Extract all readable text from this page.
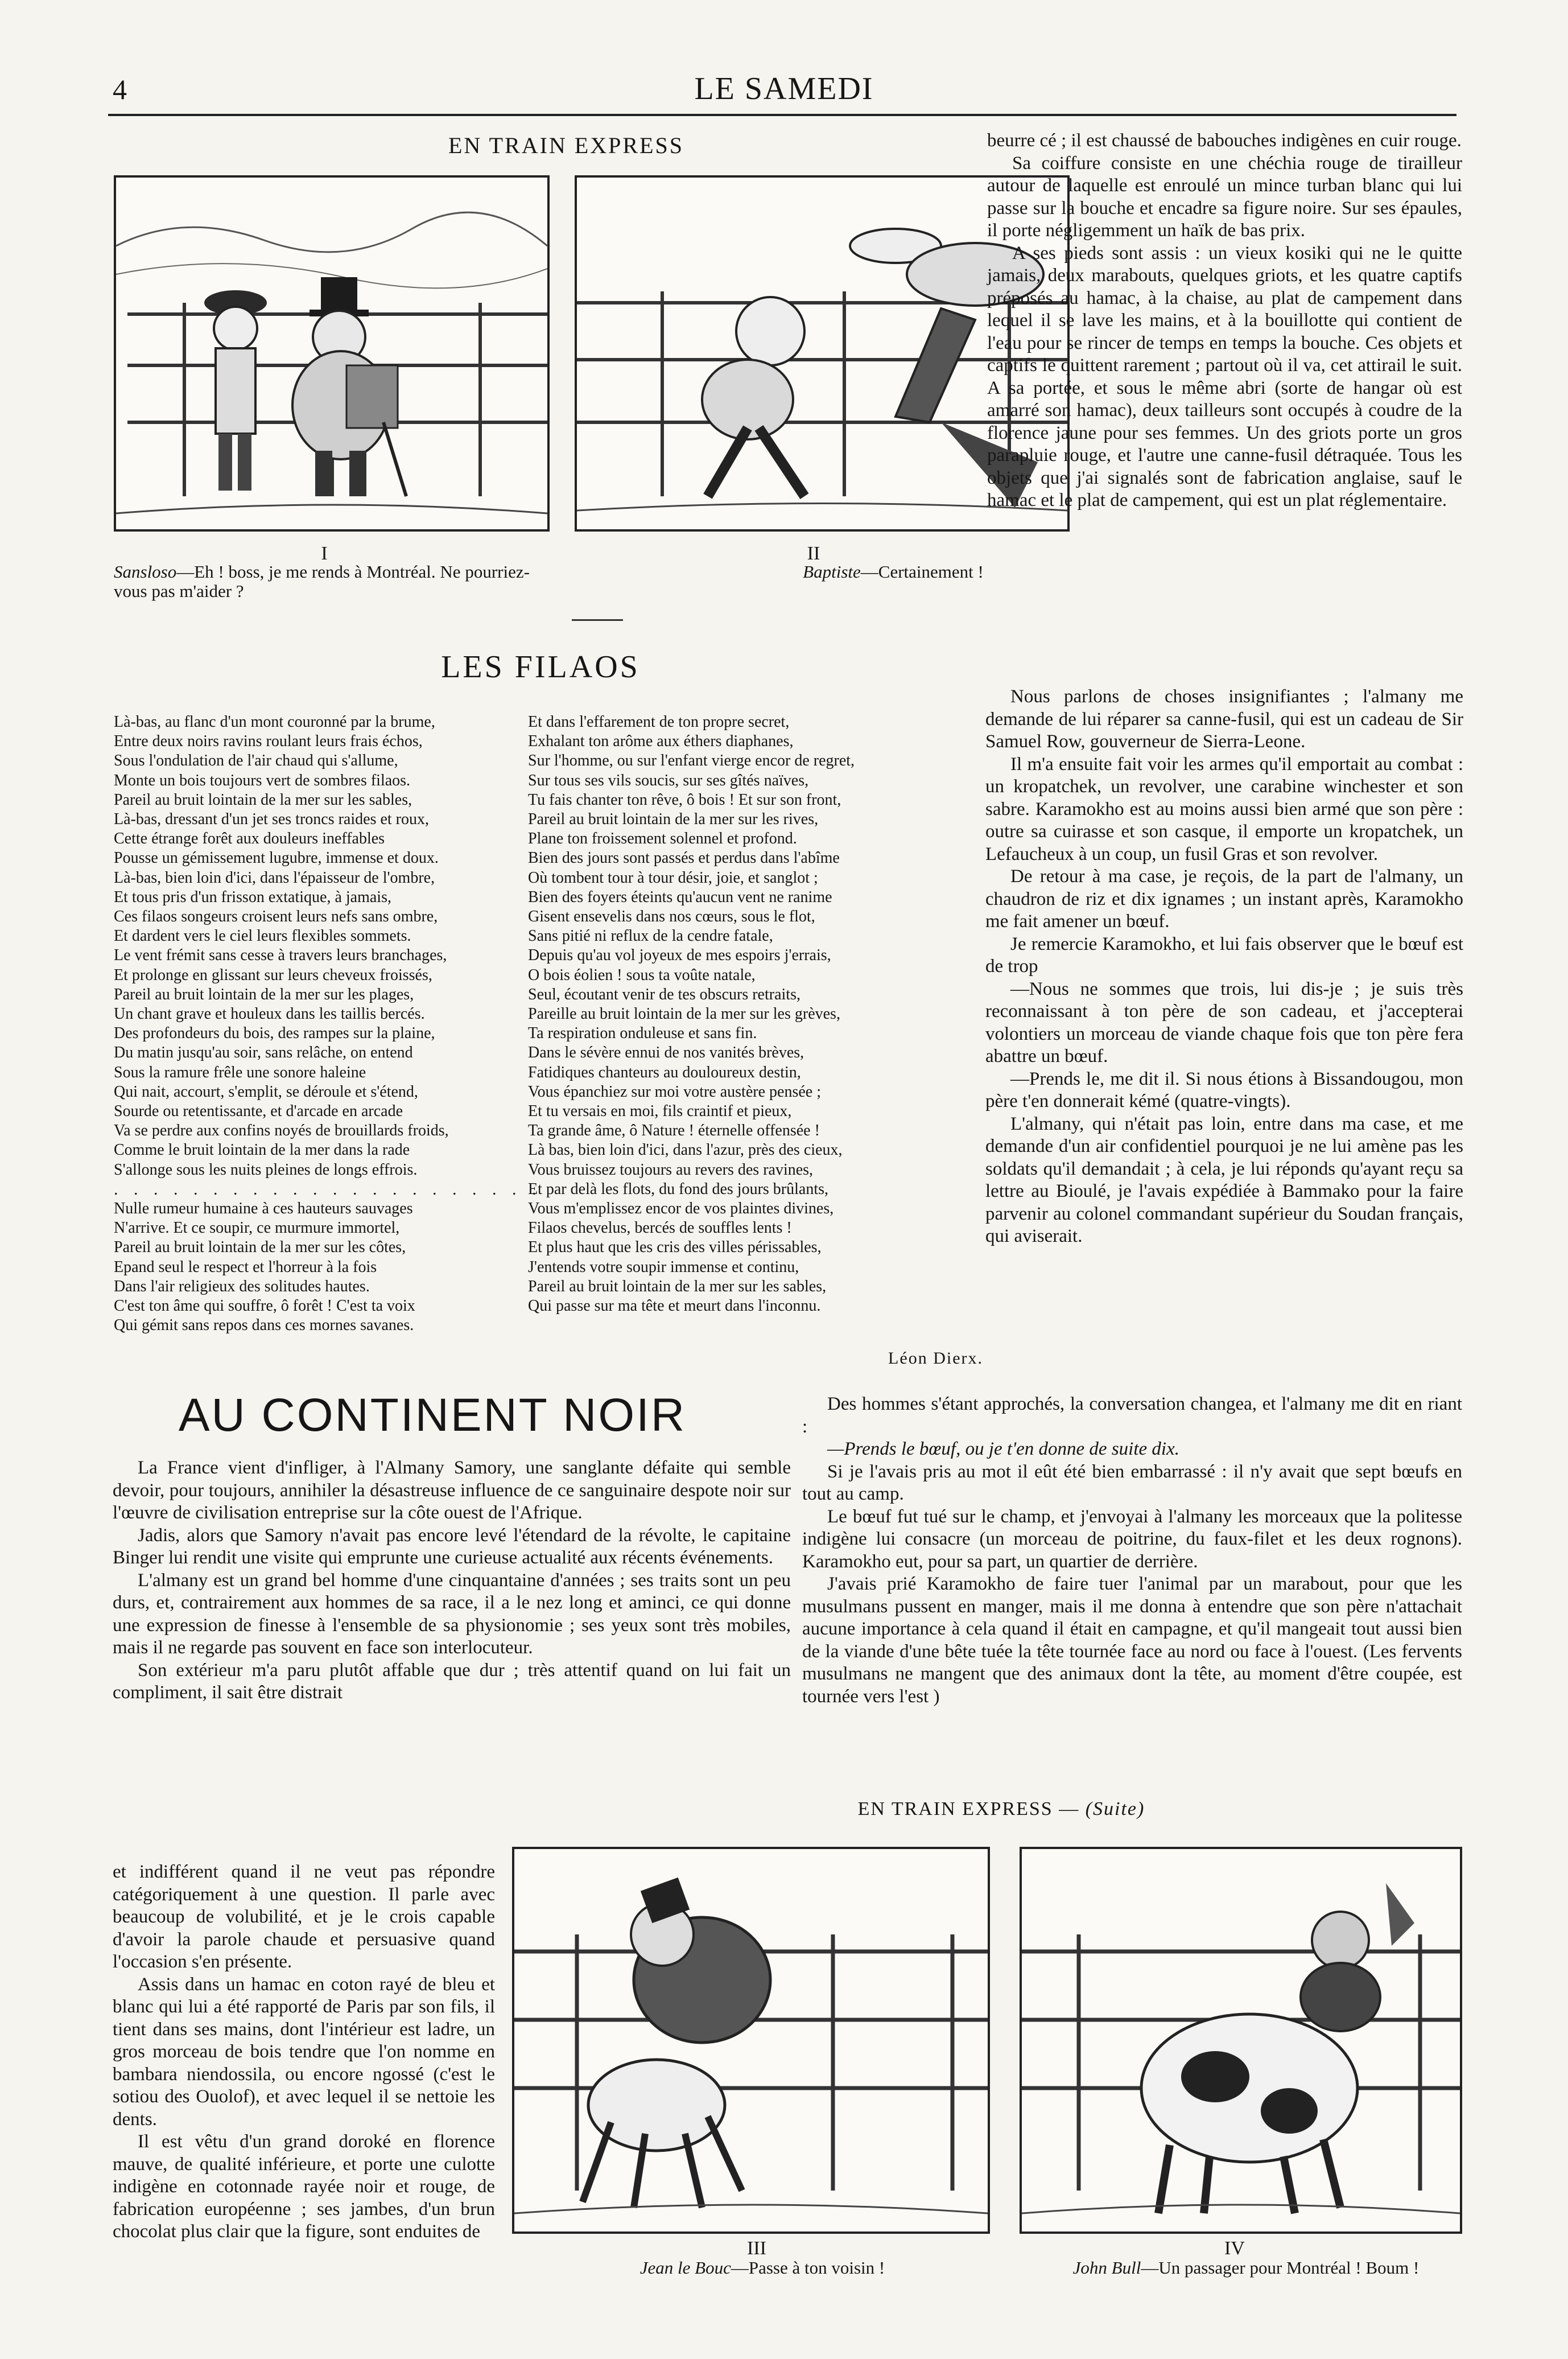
4	LE SAMEDI
EN TRAIN EXPRESS
I
Sansloso—Eh ! boss, je me rends à Montréal. Ne pourriez-vous pas m'aider ?
II
Baptiste—Certainement !
LES FILAOS
Là-bas, au flanc d'un mont couronné par la brume,
Entre deux noirs ravins roulant leurs frais échos,
Sous l'ondulation de l'air chaud qui s'allume,
Monte un bois toujours vert de sombres filaos.
Pareil au bruit lointain de la mer sur les sables,
Là-bas, dressant d'un jet ses troncs raides et roux,
Cette étrange forêt aux douleurs ineffables
Pousse un gémissement lugubre, immense et doux.
Là-bas, bien loin d'ici, dans l'épaisseur de l'ombre,
Et tous pris d'un frisson extatique, à jamais,
Ces filaos songeurs croisent leurs nefs sans ombre,
Et dardent vers le ciel leurs flexibles sommets.
Le vent frémit sans cesse à travers leurs branchages,
Et prolonge en glissant sur leurs cheveux froissés,
Pareil au bruit lointain de la mer sur les plages,
Un chant grave et houleux dans les taillis bercés.
Des profondeurs du bois, des rampes sur la plaine,
Du matin jusqu'au soir, sans relâche, on entend
Sous la ramure frêle une sonore haleine
Qui nait, accourt, s'emplit, se déroule et s'étend,
Sourde ou retentissante, et d'arcade en arcade
Va se perdre aux confins noyés de brouillards froids,
Comme le bruit lointain de la mer dans la rade
S'allonge sous les nuits pleines de longs effrois.
. . . . . . . . . . . . . . . . . . . . . .
Nulle rumeur humaine à ces hauteurs sauvages
N'arrive. Et ce soupir, ce murmure immortel,
Pareil au bruit lointain de la mer sur les côtes,
Epand seul le respect et l'horreur à la fois
Dans l'air religieux des solitudes hautes.
C'est ton âme qui souffre, ô forêt ! C'est ta voix
Qui gémit sans repos dans ces mornes savanes.
Et dans l'effarement de ton propre secret,
Exhalant ton arôme aux éthers diaphanes,
Sur l'homme, ou sur l'enfant vierge encor de regret,
Sur tous ses vils soucis, sur ses gîtés naïves,
Tu fais chanter ton rêve, ô bois ! Et sur son front,
Pareil au bruit lointain de la mer sur les rives,
Plane ton froissement solennel et profond.
Bien des jours sont passés et perdus dans l'abîme
Où tombent tour à tour désir, joie, et sanglot ;
Bien des foyers éteints qu'aucun vent ne ranime
Gisent ensevelis dans nos cœurs, sous le flot,
Sans pitié ni reflux de la cendre fatale,
Depuis qu'au vol joyeux de mes espoirs j'errais,
O bois éolien ! sous ta voûte natale,
Seul, écoutant venir de tes obscurs retraits,
Pareille au bruit lointain de la mer sur les grèves,
Ta respiration onduleuse et sans fin.
Dans le sévère ennui de nos vanités brèves,
Fatidiques chanteurs au douloureux destin,
Vous épanchiez sur moi votre austère pensée ;
Et tu versais en moi, fils craintif et pieux,
Ta grande âme, ô Nature ! éternelle offensée !
Là bas, bien loin d'ici, dans l'azur, près des cieux,
Vous bruissez toujours au revers des ravines,
Et par delà les flots, du fond des jours brûlants,
Vous m'emplissez encor de vos plaintes divines,
Filaos chevelus, bercés de souffles lents !
Et plus haut que les cris des villes périssables,
J'entends votre soupir immense et continu,
Pareil au bruit lointain de la mer sur les sables,
Qui passe sur ma tête et meurt dans l'inconnu.
Léon Dierx.

beurre cé ; il est chaussé de babouches indigènes en cuir rouge.

Sa coiffure consiste en une chéchia rouge de tirailleur autour de laquelle est enroulé un mince turban blanc qui lui passe sur la bouche et encadre sa figure noire. Sur ses épaules, il porte négligemment un haïk de bas prix.

A ses pieds sont assis : un vieux kosiki qui ne le quitte jamais, deux marabouts, quelques griots, et les quatre captifs préposés au hamac, à la chaise, au plat de campement dans lequel il se lave les mains, et à la bouillotte qui contient de l'eau pour se rincer de temps en temps la bouche. Ces objets et captifs le quittent rarement ; partout où il va, cet attirail le suit. A sa portée, et sous le même abri (sorte de hangar où est amarré son hamac), deux tailleurs sont occupés à coudre de la florence jaune pour ses femmes. Un des griots porte un gros parapluie rouge, et l'autre une canne-fusil détraquée. Tous les objets que j'ai signalés sont de fabrication anglaise, sauf le hamac et le plat de campement, qui est un plat réglementaire.

Nous parlons de choses insignifiantes ; l'almany me demande de lui réparer sa canne-fusil, qui est un cadeau de Sir Samuel Row, gouverneur de Sierra-Leone.

Il m'a ensuite fait voir les armes qu'il emportait au combat : un kropatchek, un revolver, une carabine winchester et son sabre. Karamokho est au moins aussi bien armé que son père : outre sa cuirasse et son casque, il emporte un kropatchek, un Lefaucheux à un coup, un fusil Gras et son revolver.

De retour à ma case, je reçois, de la part de l'almany, un chaudron de riz et dix ignames ; un instant après, Karamokho me fait amener un bœuf.

Je remercie Karamokho, et lui fais observer que le bœuf est de trop

—Nous ne sommes que trois, lui dis-je ; je suis très reconnaissant à ton père de son cadeau, et j'accepterai volontiers un morceau de viande chaque fois que ton père fera abattre un bœuf.

—Prends le, me dit il. Si nous étions à Bissandougou, mon père t'en donnerait kémé (quatre-vingts).

L'almany, qui n'était pas loin, entre dans ma case, et me demande d'un air confidentiel pourquoi je ne lui amène pas les soldats qu'il demandait ; à cela, je lui réponds qu'ayant reçu sa lettre au Bioulé, je l'avais expédiée à Bammako pour la faire parvenir au colonel commandant supérieur du Soudan français, qui aviserait.

AU CONTINENT NOIR

La France vient d'infliger, à l'Almany Samory, une sanglante défaite qui semble devoir, pour toujours, annihiler la désastreuse influence de ce sanguinaire despote noir sur l'œuvre de civilisation entreprise sur la côte ouest de l'Afrique.

Jadis, alors que Samory n'avait pas encore levé l'étendard de la révolte, le capitaine Binger lui rendit une visite qui emprunte une curieuse actualité aux récents événements.

L'almany est un grand bel homme d'une cinquantaine d'années ; ses traits sont un peu durs, et, contrairement aux hommes de sa race, il a le nez long et aminci, ce qui donne une expression de finesse à l'ensemble de sa physionomie ; ses yeux sont très mobiles, mais il ne regarde pas souvent en face son interlocuteur.

Son extérieur m'a paru plutôt affable que dur ; très attentif quand on lui fait un compliment, il sait être distrait

et indifférent quand il ne veut pas répondre catégoriquement à une question. Il parle avec beaucoup de volubilité, et je le crois capable d'avoir la parole chaude et persuasive quand l'occasion s'en présente.

Assis dans un hamac en coton rayé de bleu et blanc qui lui a été rapporté de Paris par son fils, il tient dans ses mains, dont l'intérieur est ladre, un gros morceau de bois tendre que l'on nomme en bambara niendossila, ou encore ngossé (c'est le sotiou des Ouolof), et avec lequel il se nettoie les dents.

Il est vêtu d'un grand doroké en florence mauve, de qualité inférieure, et porte une culotte indigène en cotonnade rayée noir et rouge, de fabrication européenne ; ses jambes, d'un brun chocolat plus clair que la figure, sont enduites de

Des hommes s'étant approchés, la conversation changea, et l'almany me dit en riant :

—Prends le bœuf, ou je t'en donne de suite dix.

Si je l'avais pris au mot il eût été bien embarrassé : il n'y avait que sept bœufs en tout au camp.

Le bœuf fut tué sur le champ, et j'envoyai à l'almany les morceaux que la politesse indigène lui consacre (un morceau de poitrine, du faux-filet et les deux rognons). Karamokho eut, pour sa part, un quartier de derrière.

J'avais prié Karamokho de faire tuer l'animal par un marabout, pour que les musulmans pussent en manger, mais il me donna à entendre que son père n'attachait aucune importance à cela quand il était en campagne, et qu'il mangeait tout aussi bien de la viande d'une bête tuée la tête tournée face au nord ou face à l'ouest. (Les fervents musulmans ne mangent que des animaux dont la tête, au moment d'être coupée, est tournée vers l'est )

EN TRAIN EXPRESS — (Suite)
III
Jean le Bouc—Passe à ton voisin !
IV
John Bull—Un passager pour Montréal ! Boum !
